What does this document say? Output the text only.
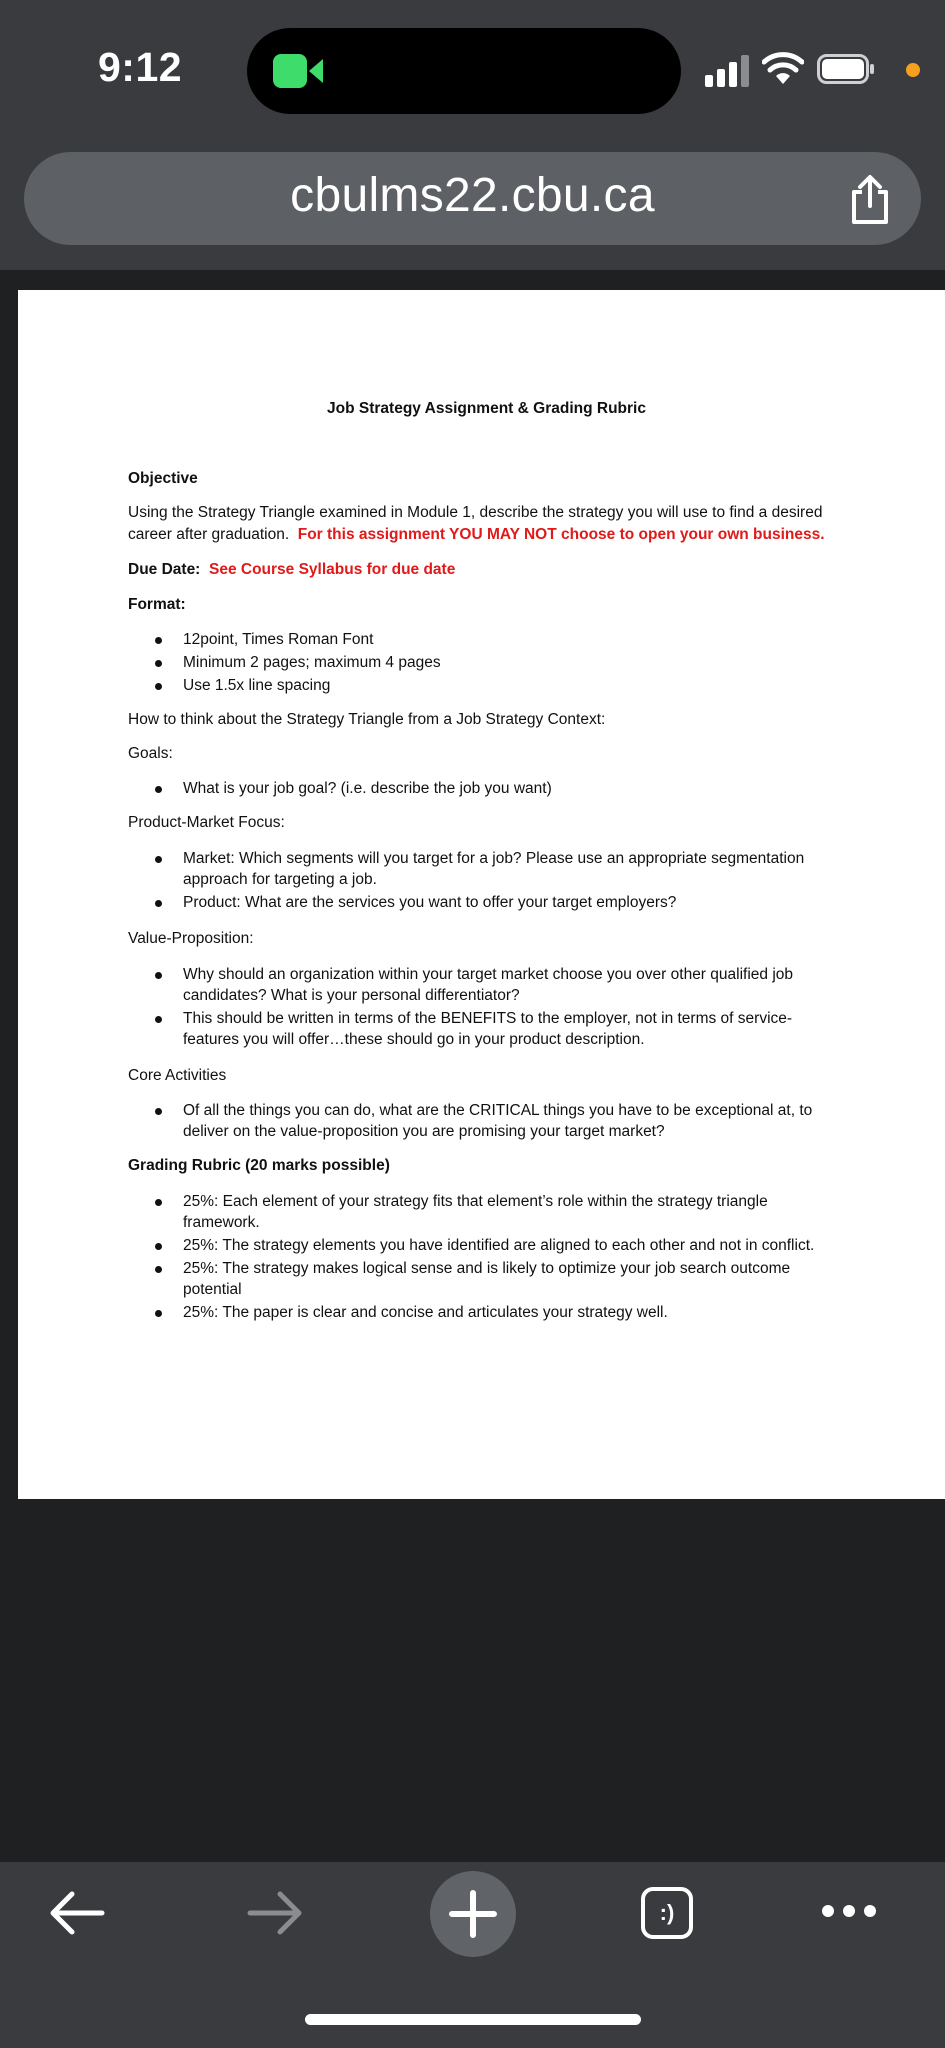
9:12
cbulms22.cbu.ca
Job Strategy Assignment & Grading Rubric
Objective
Using the Strategy Triangle examined in Module 1, describe the strategy you will use to find a desired career after graduation. For this assignment YOU MAY NOT choose to open your own business.
Due Date: See Course Syllabus for due date
Format:
12point, Times Roman Font
Minimum 2 pages; maximum 4 pages
Use 1.5x line spacing
How to think about the Strategy Triangle from a Job Strategy Context:
Goals:
What is your job goal? (i.e. describe the job you want)
Product-Market Focus:
Market: Which segments will you target for a job? Please use an appropriate segmentation approach for targeting a job.
Product: What are the services you want to offer your target employers?
Value-Proposition:
Why should an organization within your target market choose you over other qualified job candidates? What is your personal differentiator?
This should be written in terms of the BENEFITS to the employer, not in terms of service-features you will offer…these should go in your product description.
Core Activities
Of all the things you can do, what are the CRITICAL things you have to be exceptional at, to deliver on the value-proposition you are promising your target market?
Grading Rubric (20 marks possible)
25%: Each element of your strategy fits that element’s role within the strategy triangle framework.
25%: The strategy elements you have identified are aligned to each other and not in conflict.
25%: The strategy makes logical sense and is likely to optimize your job search outcome potential
25%: The paper is clear and concise and articulates your strategy well.
:)
